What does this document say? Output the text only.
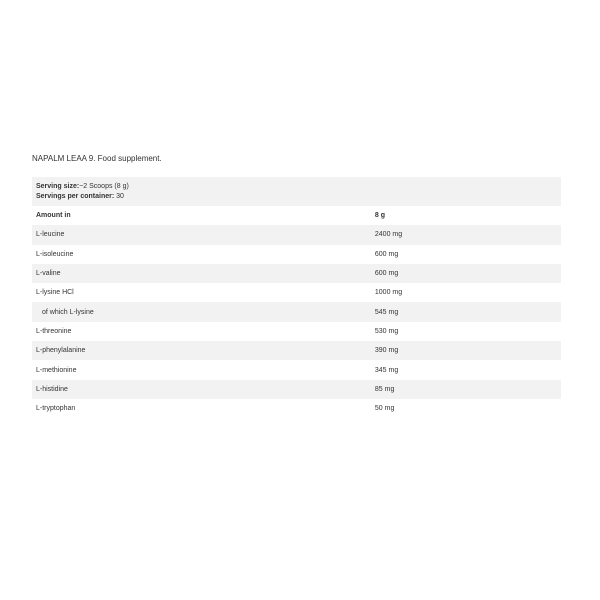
NAPALM LEAA 9. Food supplement.
Serving size:~2 Scoops (8 g)
Servings per container: 30	

Amount in	8 g
L-leucine	2400 mg
L-isoleucine	600 mg
L-valine	600 mg
L-lysine HCl	1000 mg
of which L-lysine	545 mg
L-threonine	530 mg
L-phenylalanine	390 mg
L-methionine	345 mg
L-histidine	85 mg
L-tryptophan	50 mg
